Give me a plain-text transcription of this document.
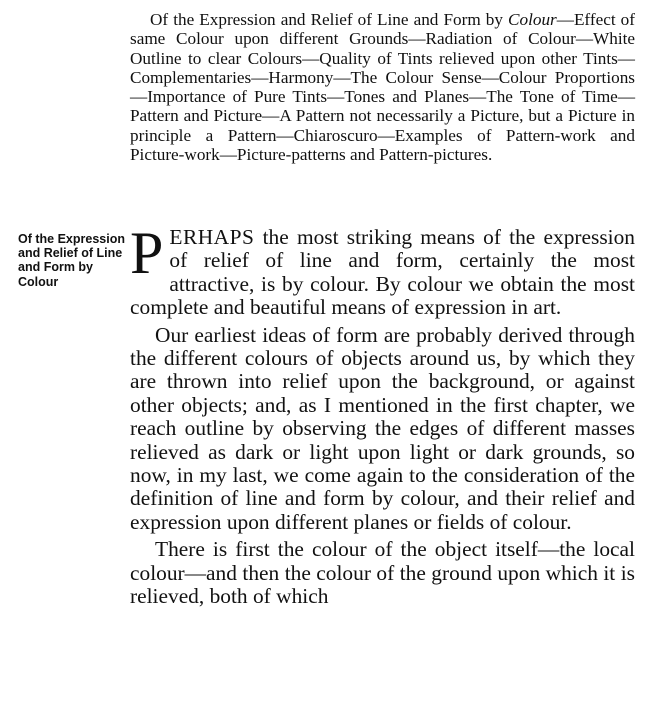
Of the Expression and Relief of Line and Form by Colour—Effect of same Colour upon different Grounds—Radiation of Colour—White Outline to clear Colours—Quality of Tints relieved upon other Tints—Complementaries—Harmony—The Colour Sense—Colour Proportions—Importance of Pure Tints—Tones and Planes—The Tone of Time—Pattern and Picture—A Pattern not necessarily a Picture, but a Picture in principle a Pattern—Chiaroscuro—Examples of Pattern-work and Picture-work—Picture-patterns and Pattern-pictures.

Of the Expression and Relief of Line and Form by Colour	PERHAPS the most striking means of the expression of relief of line and form, certainly the most attractive, is by colour. By colour we obtain the most complete and beautiful means of expression in art.

Our earliest ideas of form are probably derived through the different colours of objects around us, by which they are thrown into relief upon the background, or against other objects; and, as I mentioned in the first chapter, we reach outline by observing the edges of different masses relieved as dark or light upon light or dark grounds, so now, in my last, we come again to the consideration of the definition of line and form by colour, and their relief and expression upon different planes or fields of colour.

There is first the colour of the object itself—the local colour—and then the colour of the ground upon which it is relieved, both of which
